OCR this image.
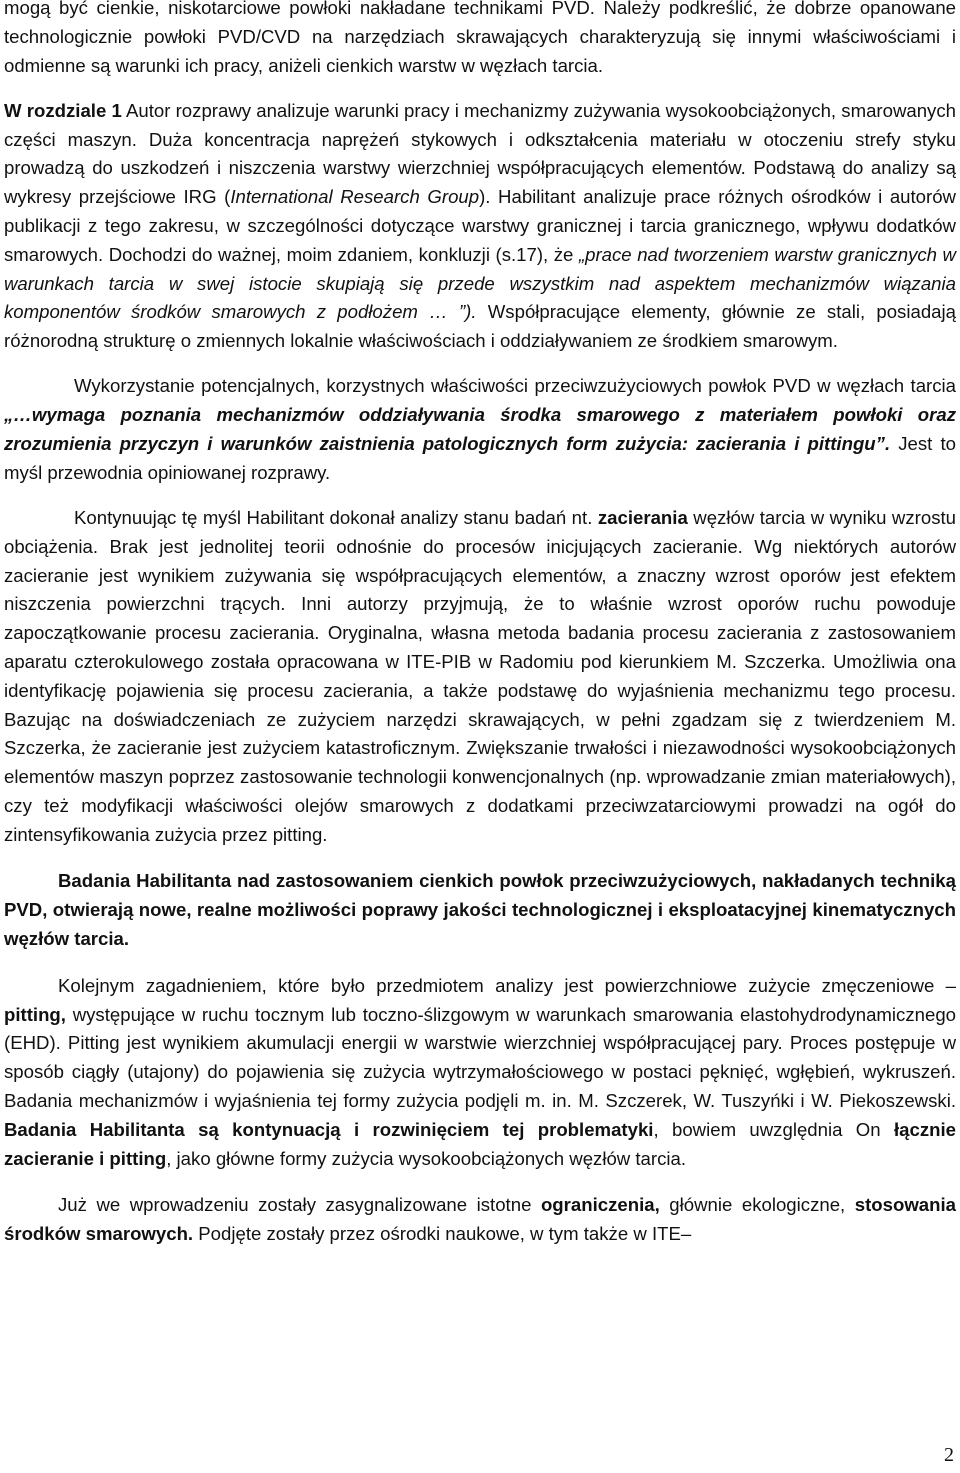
mogą być cienkie, niskotarciowe powłoki nakładane technikami PVD. Należy podkreślić, że dobrze opanowane technologicznie powłoki PVD/CVD na narzędziach skrawających charakteryzują się innymi właściwościami i odmienne są warunki ich pracy, aniżeli cienkich warstw w węzłach tarcia.

W rozdziale 1 Autor rozprawy analizuje warunki pracy i mechanizmy zużywania wysokoobciążonych, smarowanych części maszyn. Duża koncentracja naprężeń stykowych i odkształcenia materiału w otoczeniu strefy styku prowadzą do uszkodzeń i niszczenia warstwy wierzchniej współpracujących elementów. Podstawą do analizy są wykresy przejściowe IRG (International Research Group). Habilitant analizuje prace różnych ośrodków i autorów publikacji z tego zakresu, w szczególności dotyczące warstwy granicznej i tarcia granicznego, wpływu dodatków smarowych. Dochodzi do ważnej, moim zdaniem, konkluzji (s.17), że „prace nad tworzeniem warstw granicznych w warunkach tarcia w swej istocie skupiają się przede wszystkim nad aspektem mechanizmów wiązania komponentów środków smarowych z podłożem … ”). Współpracujące elementy, głównie ze stali, posiadają różnorodną strukturę o zmiennych lokalnie właściwościach i oddziaływaniem ze środkiem smarowym.

Wykorzystanie potencjalnych, korzystnych właściwości przeciwzużyciowych powłok PVD w węzłach tarcia „…wymaga poznania mechanizmów oddziaływania środka smarowego z materiałem powłoki oraz zrozumienia przyczyn i warunków zaistnienia patologicznych form zużycia: zacierania i pittingu”. Jest to myśl przewodnia opiniowanej rozprawy.

Kontynuując tę myśl Habilitant dokonał analizy stanu badań nt. zacierania węzłów tarcia w wyniku wzrostu obciążenia. Brak jest jednolitej teorii odnośnie do procesów inicjujących zacieranie. Wg niektórych autorów zacieranie jest wynikiem zużywania się współpracujących elementów, a znaczny wzrost oporów jest efektem niszczenia powierzchni trących. Inni autorzy przyjmują, że to właśnie wzrost oporów ruchu powoduje zapoczątkowanie procesu zacierania. Oryginalna, własna metoda badania procesu zacierania z zastosowaniem aparatu czterokulowego została opracowana w ITE-PIB w Radomiu pod kierunkiem M. Szczerka. Umożliwia ona identyfikację pojawienia się procesu zacierania, a także podstawę do wyjaśnienia mechanizmu tego procesu. Bazując na doświadczeniach ze zużyciem narzędzi skrawających, w pełni zgadzam się z twierdzeniem M. Szczerka, że zacieranie jest zużyciem katastroficznym. Zwiększanie trwałości i niezawodności wysokoobciążonych elementów maszyn poprzez zastosowanie technologii konwencjonalnych (np. wprowadzanie zmian materiałowych), czy też modyfikacji właściwości olejów smarowych z dodatkami przeciwzatarciowymi prowadzi na ogół do zintensyfikowania zużycia przez pitting.

Badania Habilitanta nad zastosowaniem cienkich powłok przeciwzużyciowych, nakładanych techniką PVD, otwierają nowe, realne możliwości poprawy jakości technologicznej i eksploatacyjnej kinematycznych węzłów tarcia.

Kolejnym zagadnieniem, które było przedmiotem analizy jest powierzchniowe zużycie zmęczeniowe – pitting, występujące w ruchu tocznym lub toczno-ślizgowym w warunkach smarowania elastohydrodynamicznego (EHD). Pitting jest wynikiem akumulacji energii w warstwie wierzchniej współpracującej pary. Proces postępuje w sposób ciągły (utajony) do pojawienia się zużycia wytrzymałościowego w postaci pęknięć, wgłębień, wykruszeń. Badania mechanizmów i wyjaśnienia tej formy zużycia podjęli m. in. M. Szczerek, W. Tuszyńki i W. Piekoszewski. Badania Habilitanta są kontynuacją i rozwinięciem tej problematyki, bowiem uwzględnia On łącznie zacieranie i pitting, jako główne formy zużycia wysokoobciążonych węzłów tarcia.

Już we wprowadzeniu zostały zasygnalizowane istotne ograniczenia, głównie ekologiczne, stosowania środków smarowych. Podjęte zostały przez ośrodki naukowe, w tym także w ITE–

2
